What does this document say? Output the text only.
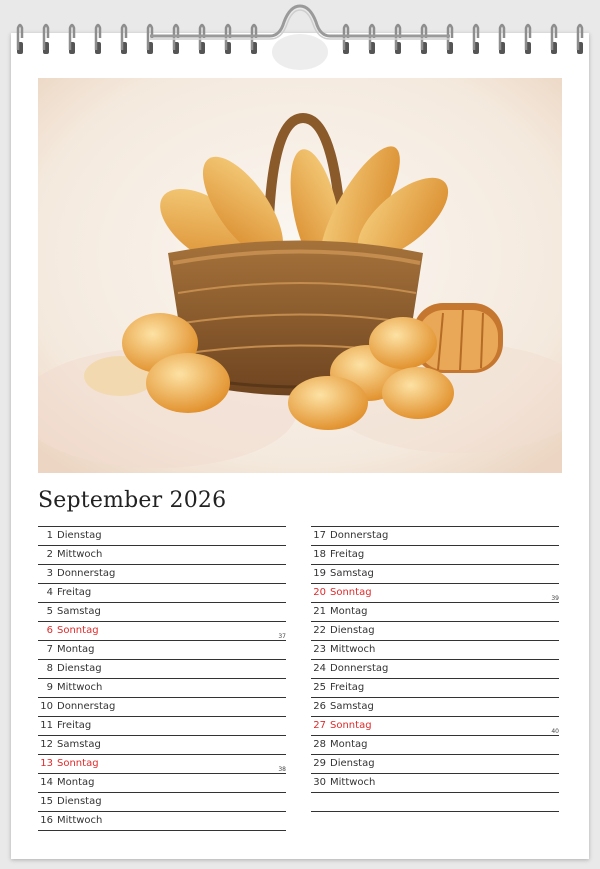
September 2026
1 Dienstag
2 Mittwoch
3 Donnerstag
4 Freitag
5 Samstag
6 Sonntag
7 Montag
37
8 Dienstag
9 Mittwoch
10 Donnerstag
11 Freitag
12 Samstag
13 Sonntag
14 Montag
38
15 Dienstag
16 Mittwoch
17 Donnerstag
18 Freitag
19 Samstag
20 Sonntag
21 Montag
39
22 Dienstag
23 Mittwoch
24 Donnerstag
25 Freitag
26 Samstag
27 Sonntag
28 Montag
40
29 Dienstag
30 Mittwoch
